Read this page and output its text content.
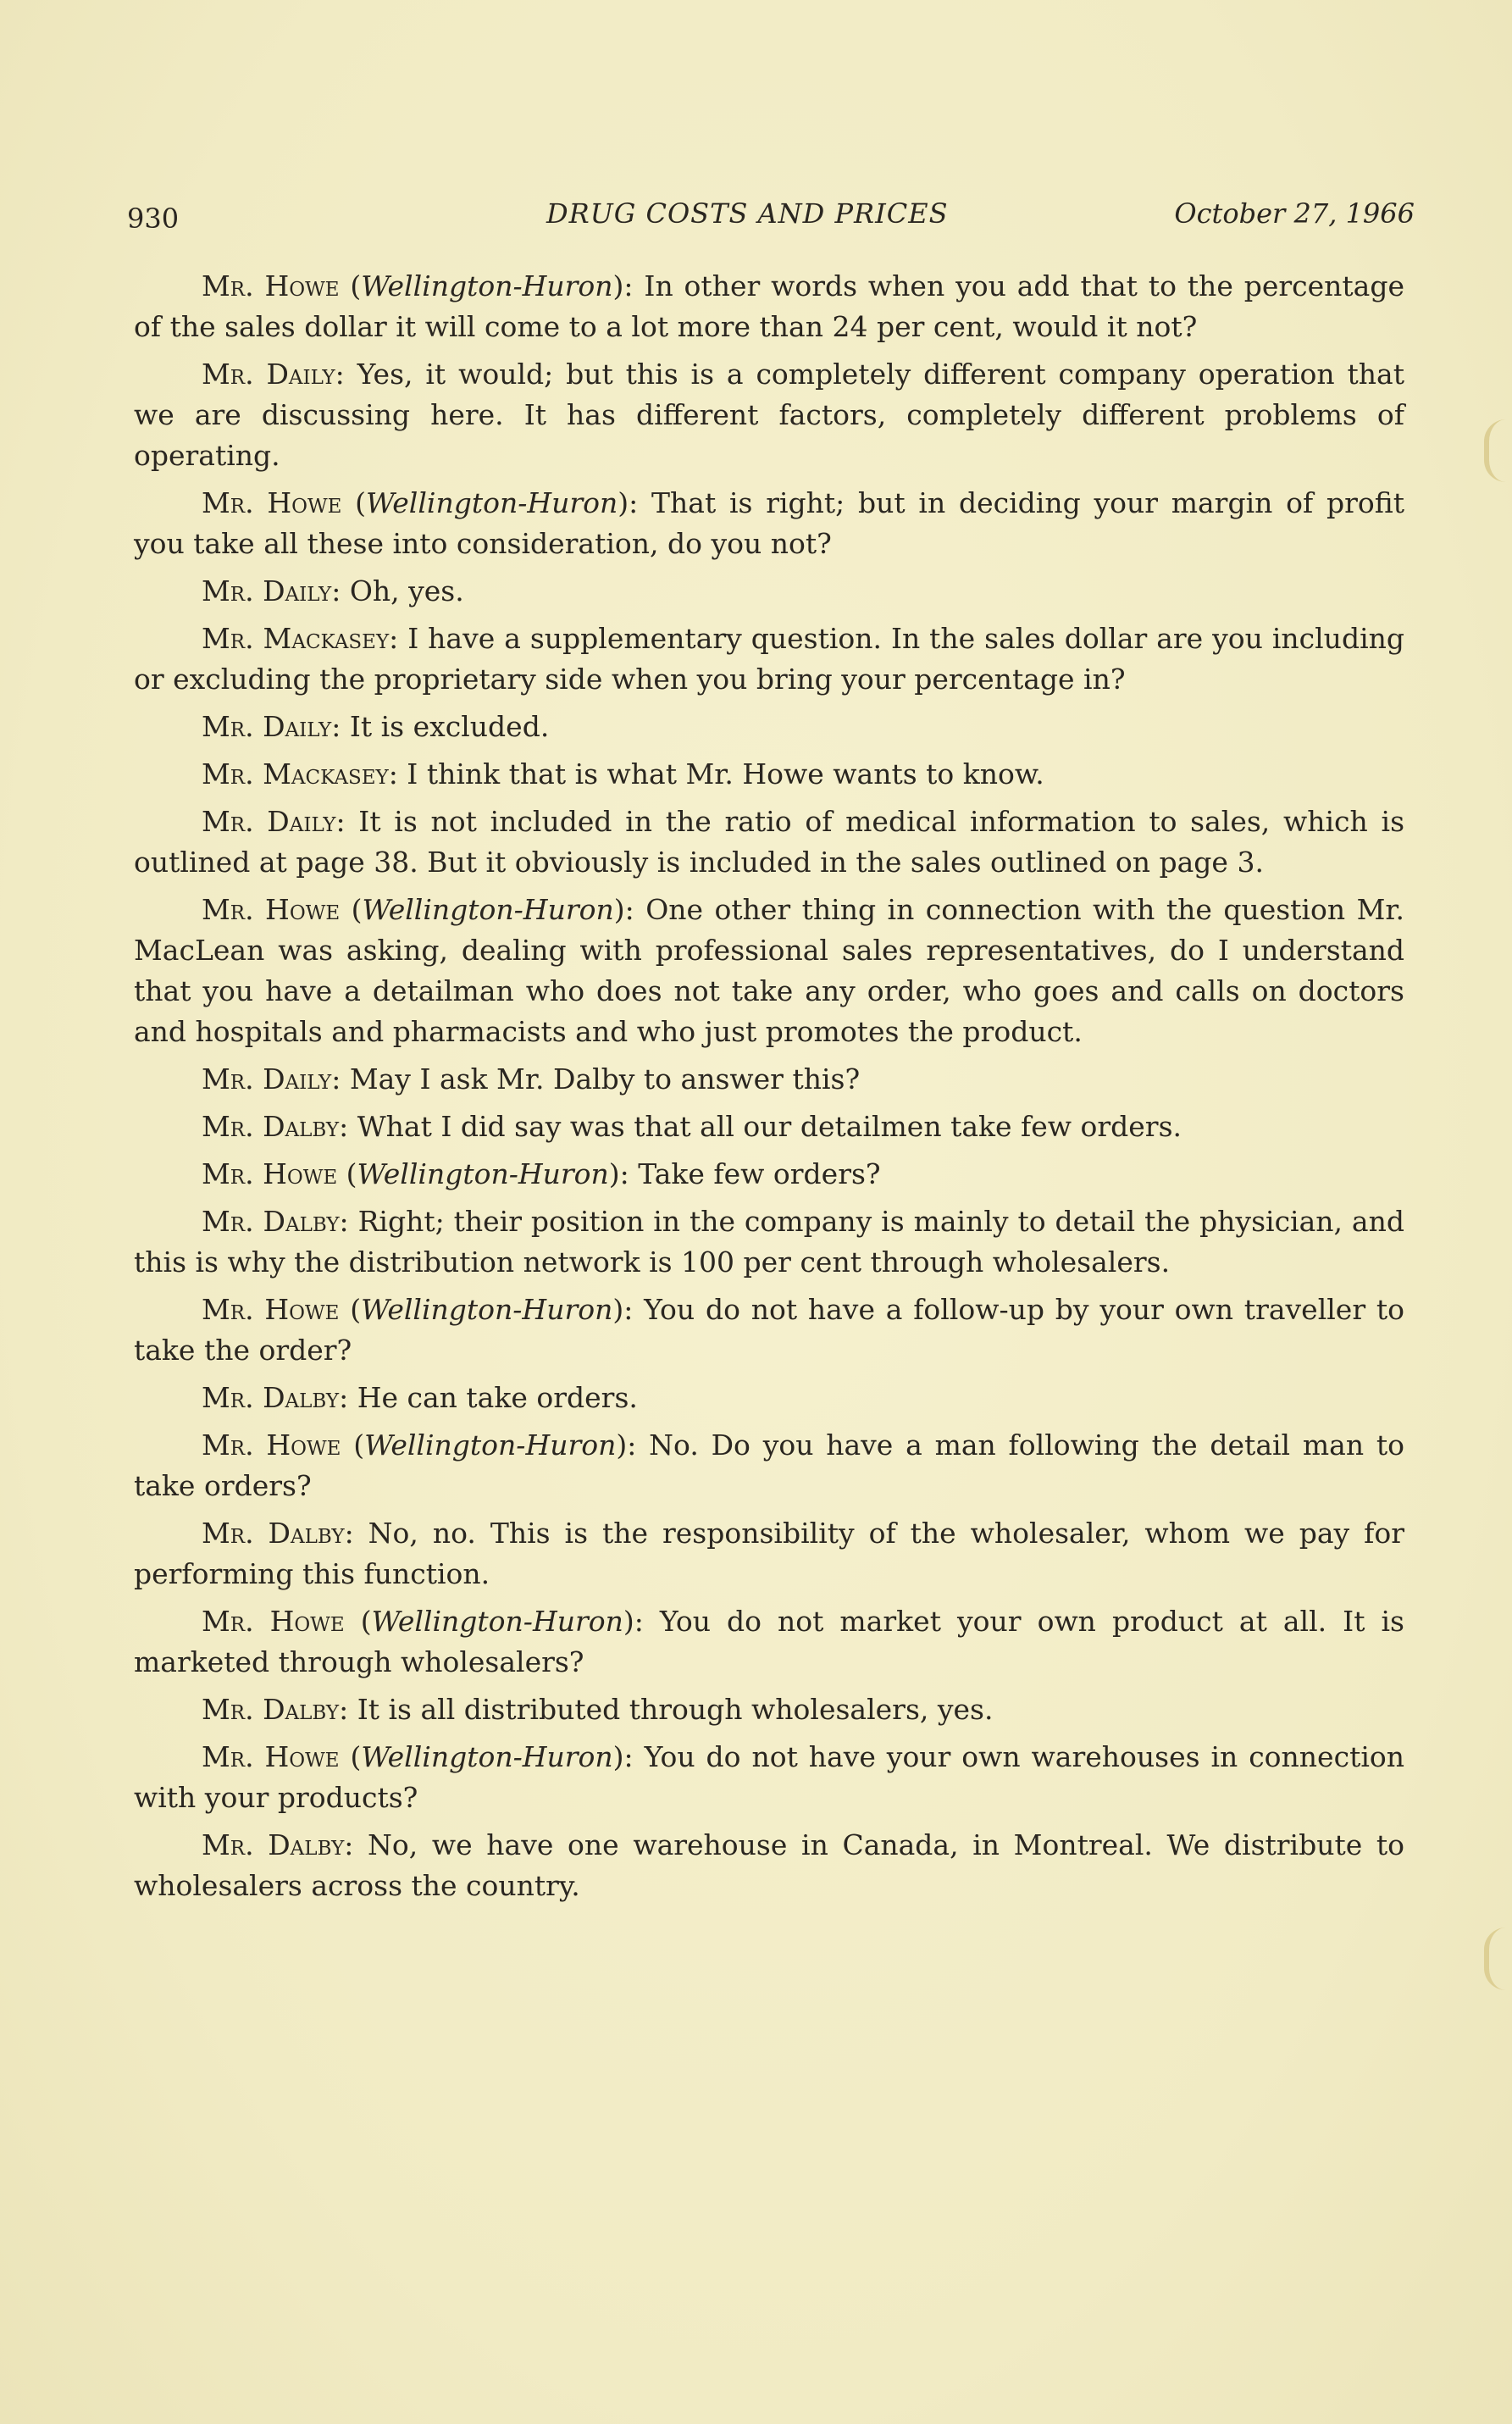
930	DRUG COSTS AND PRICES	October 27, 1966

Mr. Howe (Wellington-Huron): In other words when you add that to the percentage of the sales dollar it will come to a lot more than 24 per cent, would it not?

Mr. Daily: Yes, it would; but this is a completely different company operation that we are discussing here. It has different factors, completely different problems of operating.

Mr. Howe (Wellington-Huron): That is right; but in deciding your margin of profit you take all these into consideration, do you not?

Mr. Daily: Oh, yes.

Mr. Mackasey: I have a supplementary question. In the sales dollar are you including or excluding the proprietary side when you bring your percentage in?

Mr. Daily: It is excluded.

Mr. Mackasey: I think that is what Mr. Howe wants to know.

Mr. Daily: It is not included in the ratio of medical information to sales, which is outlined at page 38. But it obviously is included in the sales outlined on page 3.

Mr. Howe (Wellington-Huron): One other thing in connection with the question Mr. MacLean was asking, dealing with professional sales representatives, do I understand that you have a detailman who does not take any order, who goes and calls on doctors and hospitals and pharmacists and who just promotes the product.

Mr. Daily: May I ask Mr. Dalby to answer this?

Mr. Dalby: What I did say was that all our detailmen take few orders.

Mr. Howe (Wellington-Huron): Take few orders?

Mr. Dalby: Right; their position in the company is mainly to detail the physician, and this is why the distribution network is 100 per cent through wholesalers.

Mr. Howe (Wellington-Huron): You do not have a follow-up by your own traveller to take the order?

Mr. Dalby: He can take orders.

Mr. Howe (Wellington-Huron): No. Do you have a man following the detail man to take orders?

Mr. Dalby: No, no. This is the responsibility of the wholesaler, whom we pay for performing this function.

Mr. Howe (Wellington-Huron): You do not market your own product at all. It is marketed through wholesalers?

Mr. Dalby: It is all distributed through wholesalers, yes.

Mr. Howe (Wellington-Huron): You do not have your own warehouses in connection with your products?

Mr. Dalby: No, we have one warehouse in Canada, in Montreal. We distribute to wholesalers across the country.
